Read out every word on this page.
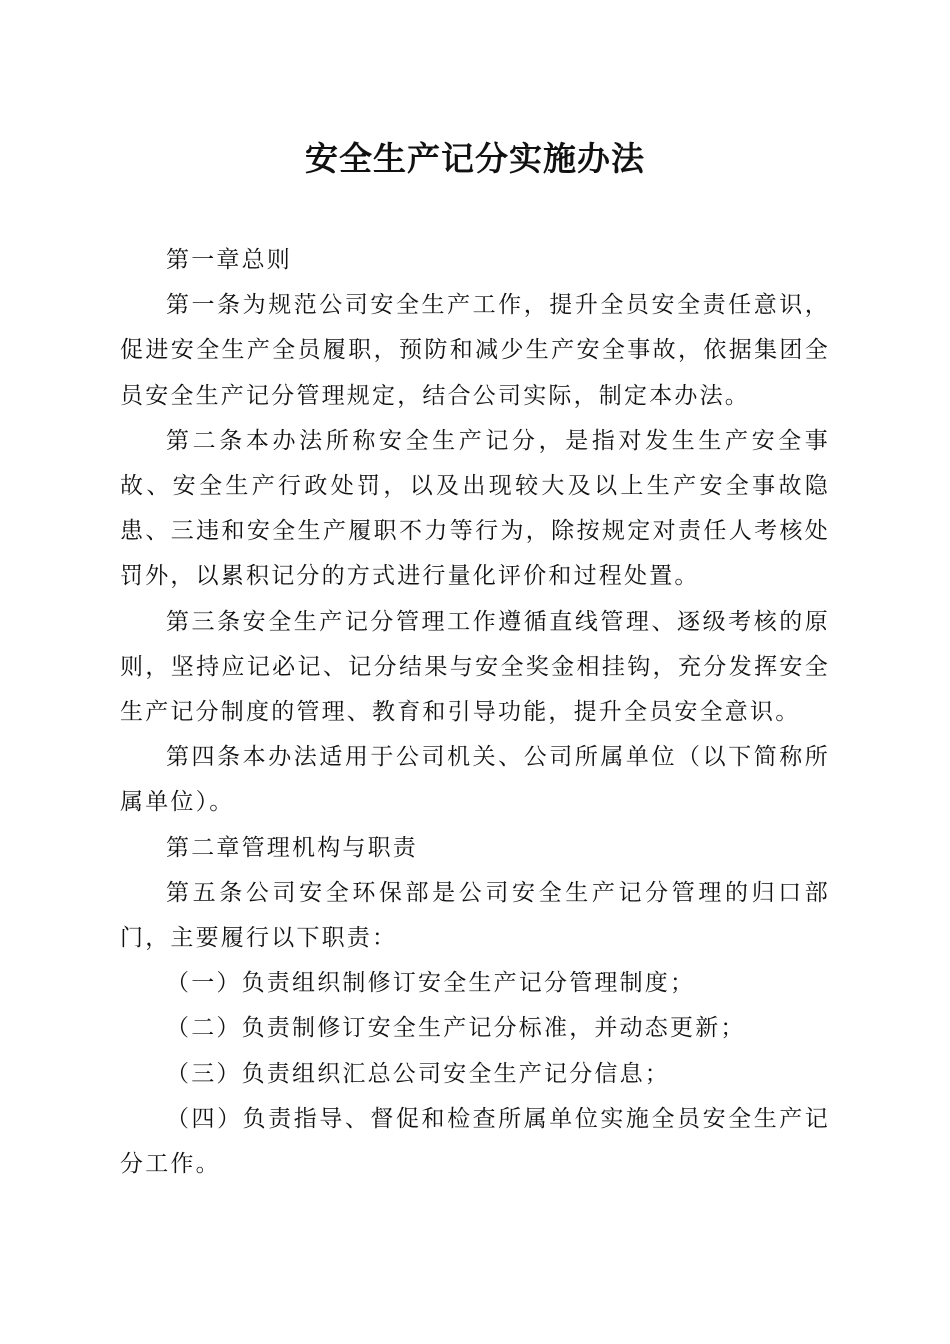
安全生产记分实施办法

第一章总则

第一条为规范公司安全生产工作，提升全员安全责任意识，促进安全生产全员履职，预防和减少生产安全事故，依据集团全员安全生产记分管理规定，结合公司实际，制定本办法。

第二条本办法所称安全生产记分，是指对发生生产安全事故、安全生产行政处罚，以及出现较大及以上生产安全事故隐患、三违和安全生产履职不力等行为，除按规定对责任人考核处罚外，以累积记分的方式进行量化评价和过程处置。

第三条安全生产记分管理工作遵循直线管理、逐级考核的原则，坚持应记必记、记分结果与安全奖金相挂钩，充分发挥安全生产记分制度的管理、教育和引导功能，提升全员安全意识。

第四条本办法适用于公司机关、公司所属单位（以下简称所属单位）。

第二章管理机构与职责

第五条公司安全环保部是公司安全生产记分管理的归口部门，主要履行以下职责：

（一）负责组织制修订安全生产记分管理制度；

（二）负责制修订安全生产记分标准，并动态更新；

（三）负责组织汇总公司安全生产记分信息；

（四）负责指导、督促和检查所属单位实施全员安全生产记分工作。
